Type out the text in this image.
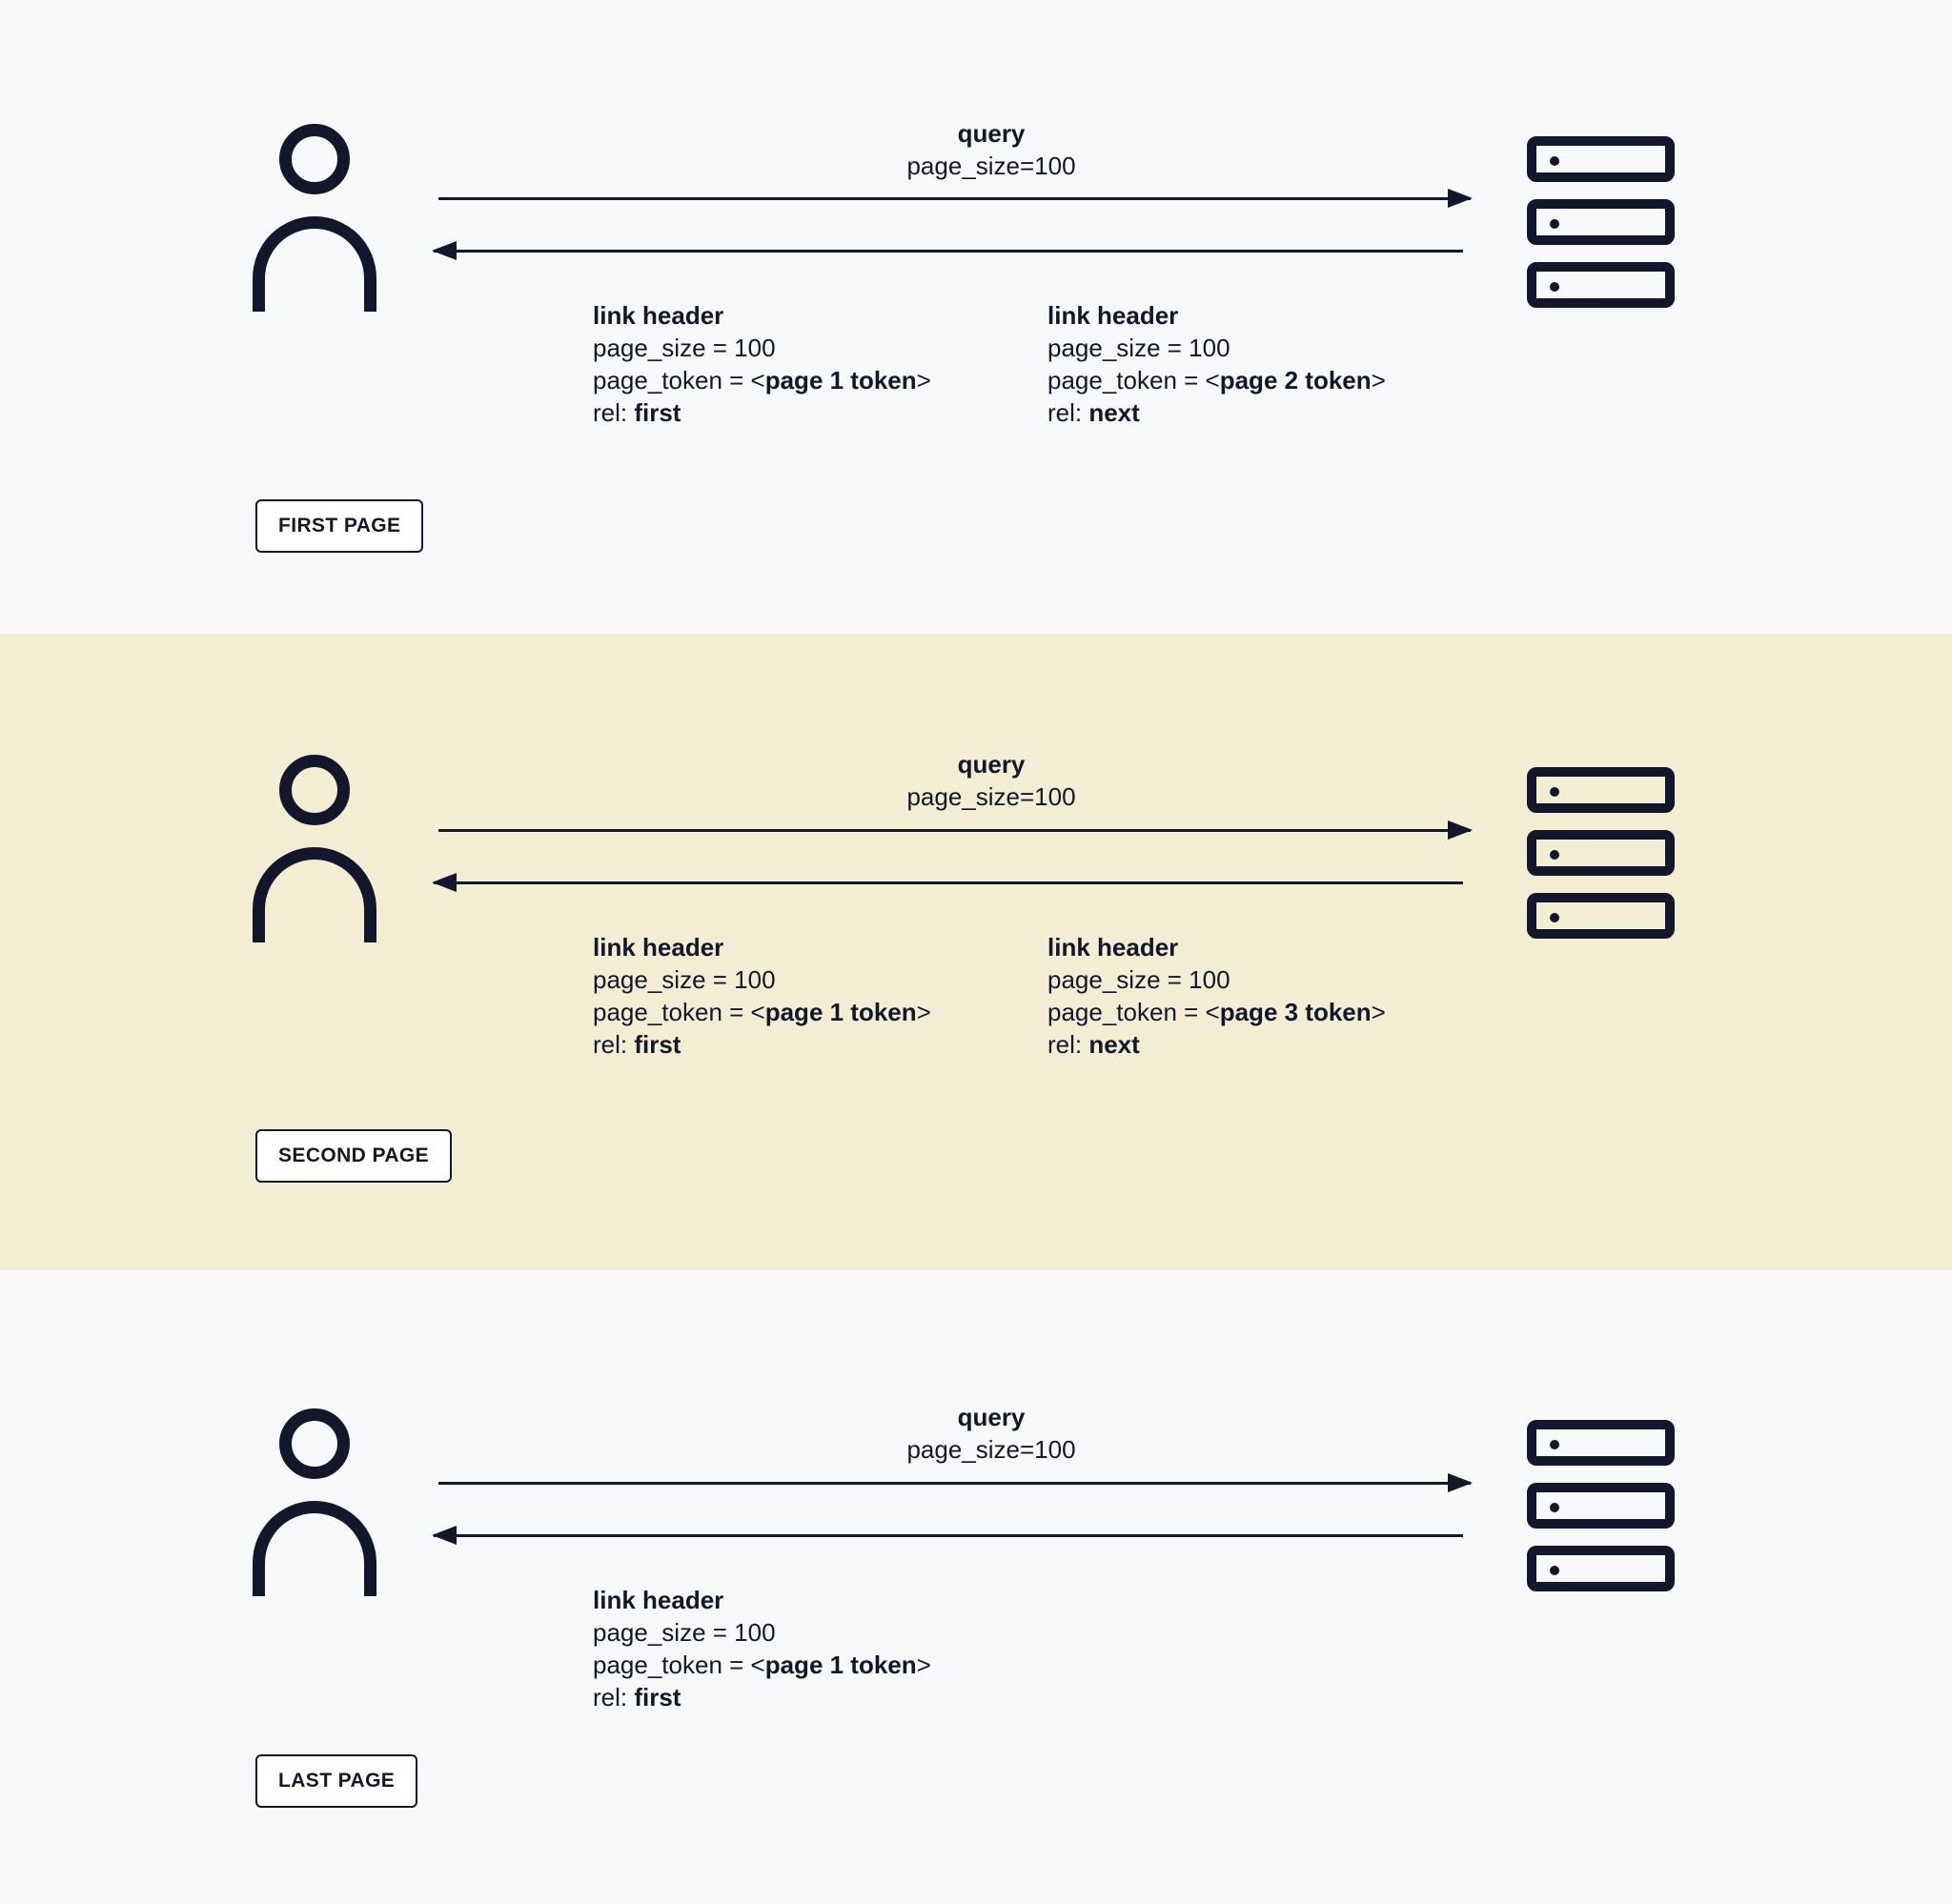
query
page_size=100
link header
page_size = 100
page_token = <page 1 token>
rel: first
link header
page_size = 100
page_token = <page 2 token>
rel: next
FIRST PAGE
query
page_size=100
link header
page_size = 100
page_token = <page 1 token>
rel: first
link header
page_size = 100
page_token = <page 3 token>
rel: next
SECOND PAGE
query
page_size=100
link header
page_size = 100
page_token = <page 1 token>
rel: first
LAST PAGE
